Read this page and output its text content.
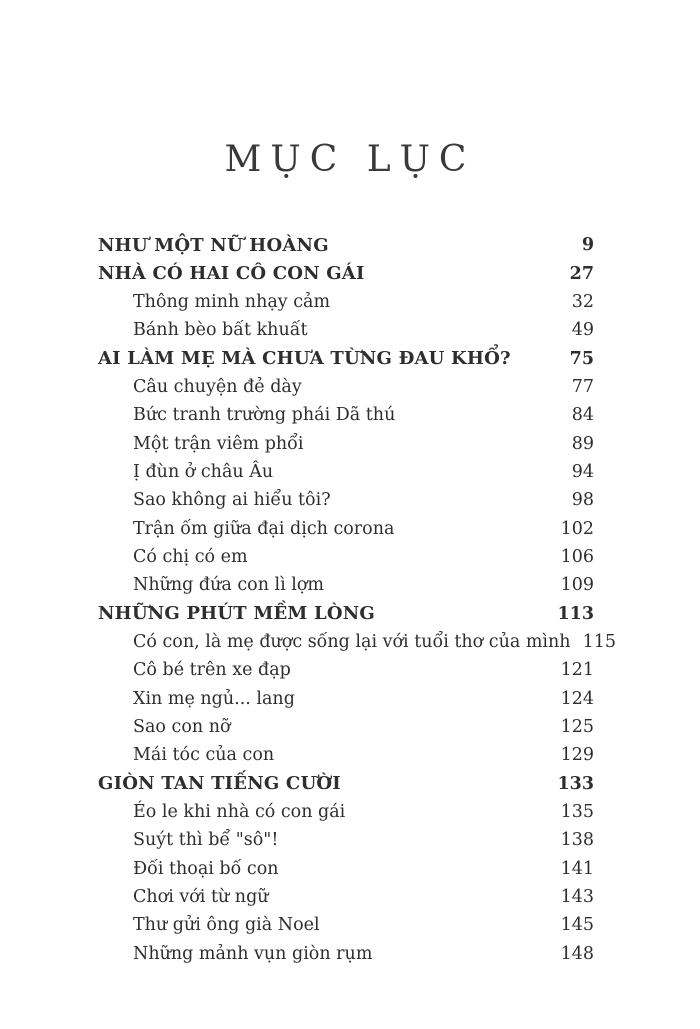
MỤC LỤC
NHƯ MỘT NỮ HOÀNG	9
NHÀ CÓ HAI CÔ CON GÁI	27
Thông minh nhạy cảm	32
Bánh bèo bất khuất	49
AI LÀM MẸ MÀ CHƯA TỪNG ĐAU KHỔ?	75
Câu chuyện đẻ dày	77
Bức tranh trường phái Dã thú	84
Một trận viêm phổi	89
Ị đùn ở châu Âu	94
Sao không ai hiểu tôi?	98
Trận ốm giữa đại dịch corona	102
Có chị có em	106
Những đứa con lì lợm	109
NHỮNG PHÚT MỀM LÒNG	113
Có con, là mẹ được sống lại với tuổi thơ của mình 115
Cô bé trên xe đạp	121
Xin mẹ ngủ... lang	124
Sao con nỡ	125
Mái tóc của con	129
GIÒN TAN TIẾNG CƯỜI	133
Éo le khi nhà có con gái	135
Suýt thì bể "sô"!	138
Đối thoại bố con	141
Chơi với từ ngữ	143
Thư gửi ông già Noel	145
Những mảnh vụn giòn rụm	148
